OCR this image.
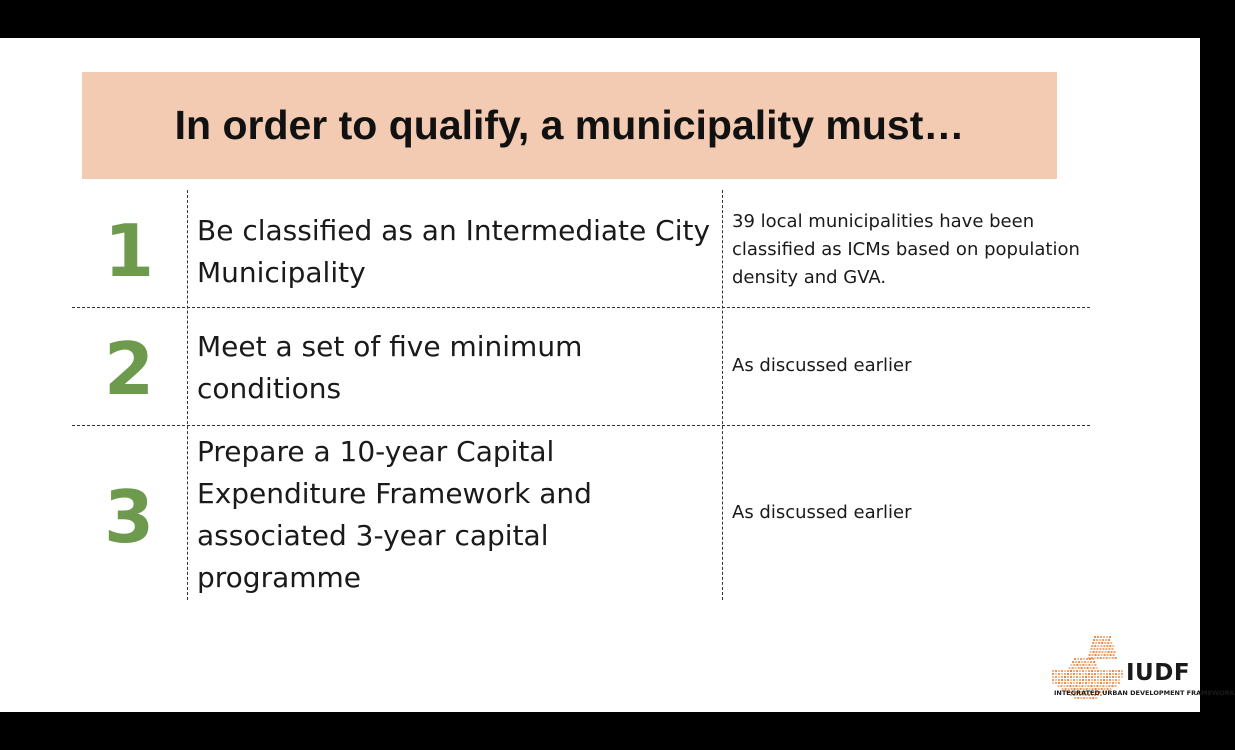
In order to qualify, a municipality must…
1	Be classified as an Intermediate City Municipality
39 local municipalities have been classified as ICMs based on population density and GVA.
2	Meet a set of five minimum conditions
As discussed earlier
3
Prepare a 10-year Capital Expenditure Framework and associated 3-year capital programme
As discussed earlier
IUDF
INTEGRATED URBAN DEVELOPMENT FRAMEWORK
